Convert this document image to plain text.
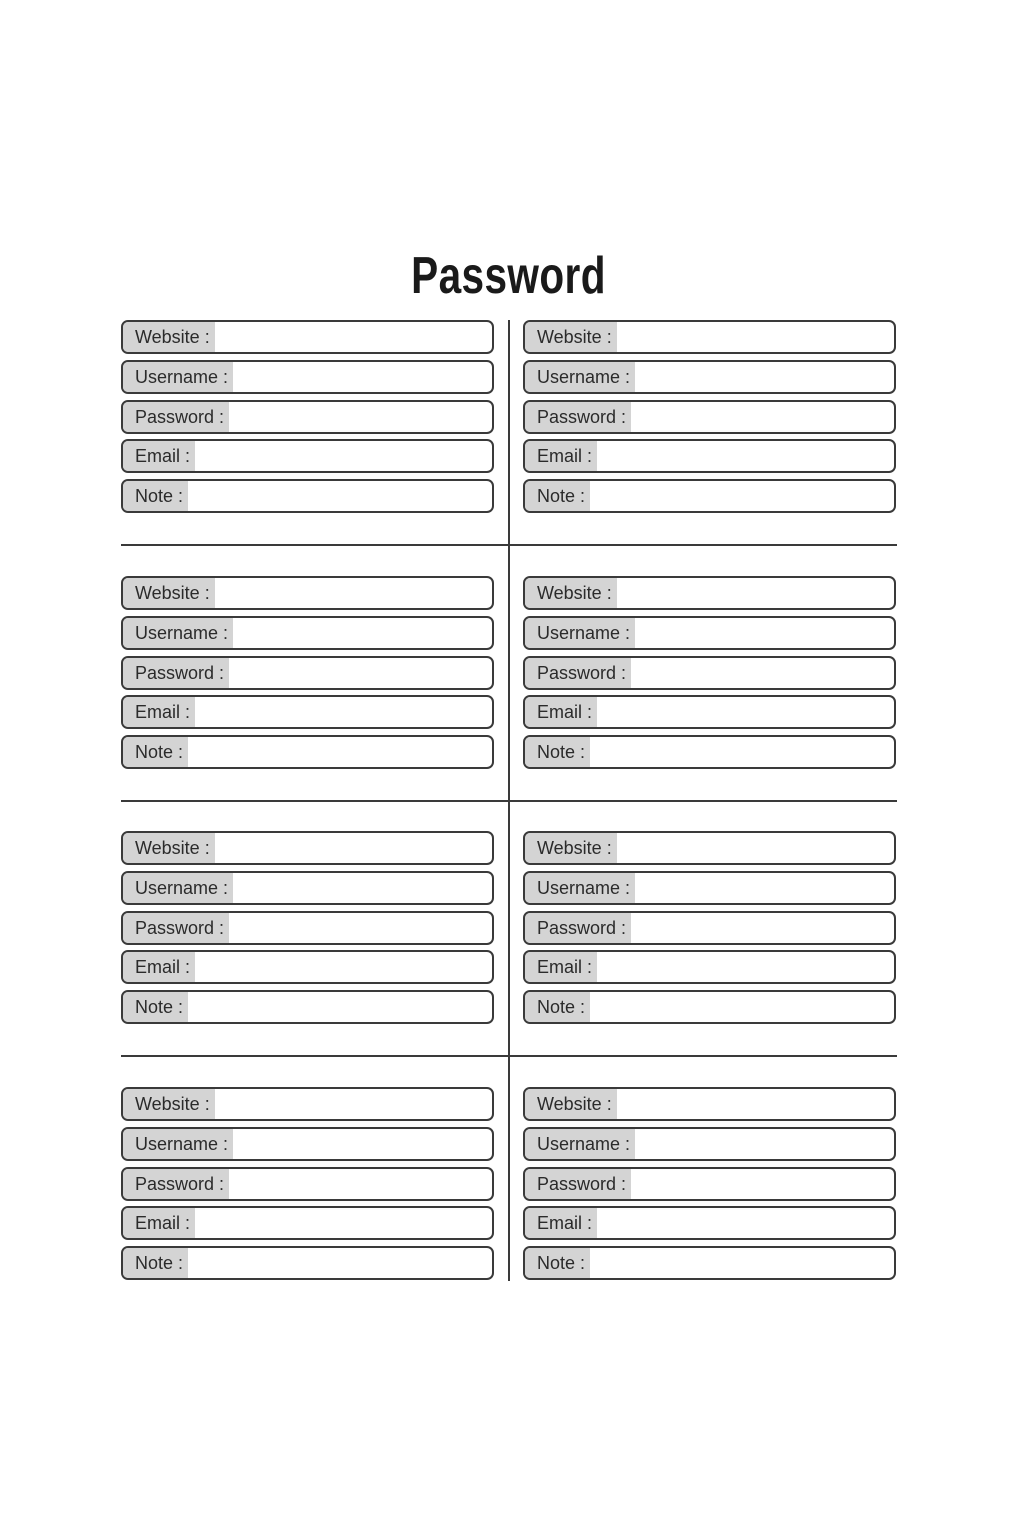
Password
Website :
Username :
Password :
Email :
Note :
Website :
Username :
Password :
Email :
Note :
Website :
Username :
Password :
Email :
Note :
Website :
Username :
Password :
Email :
Note :
Website :
Username :
Password :
Email :
Note :
Website :
Username :
Password :
Email :
Note :
Website :
Username :
Password :
Email :
Note :
Website :
Username :
Password :
Email :
Note :
